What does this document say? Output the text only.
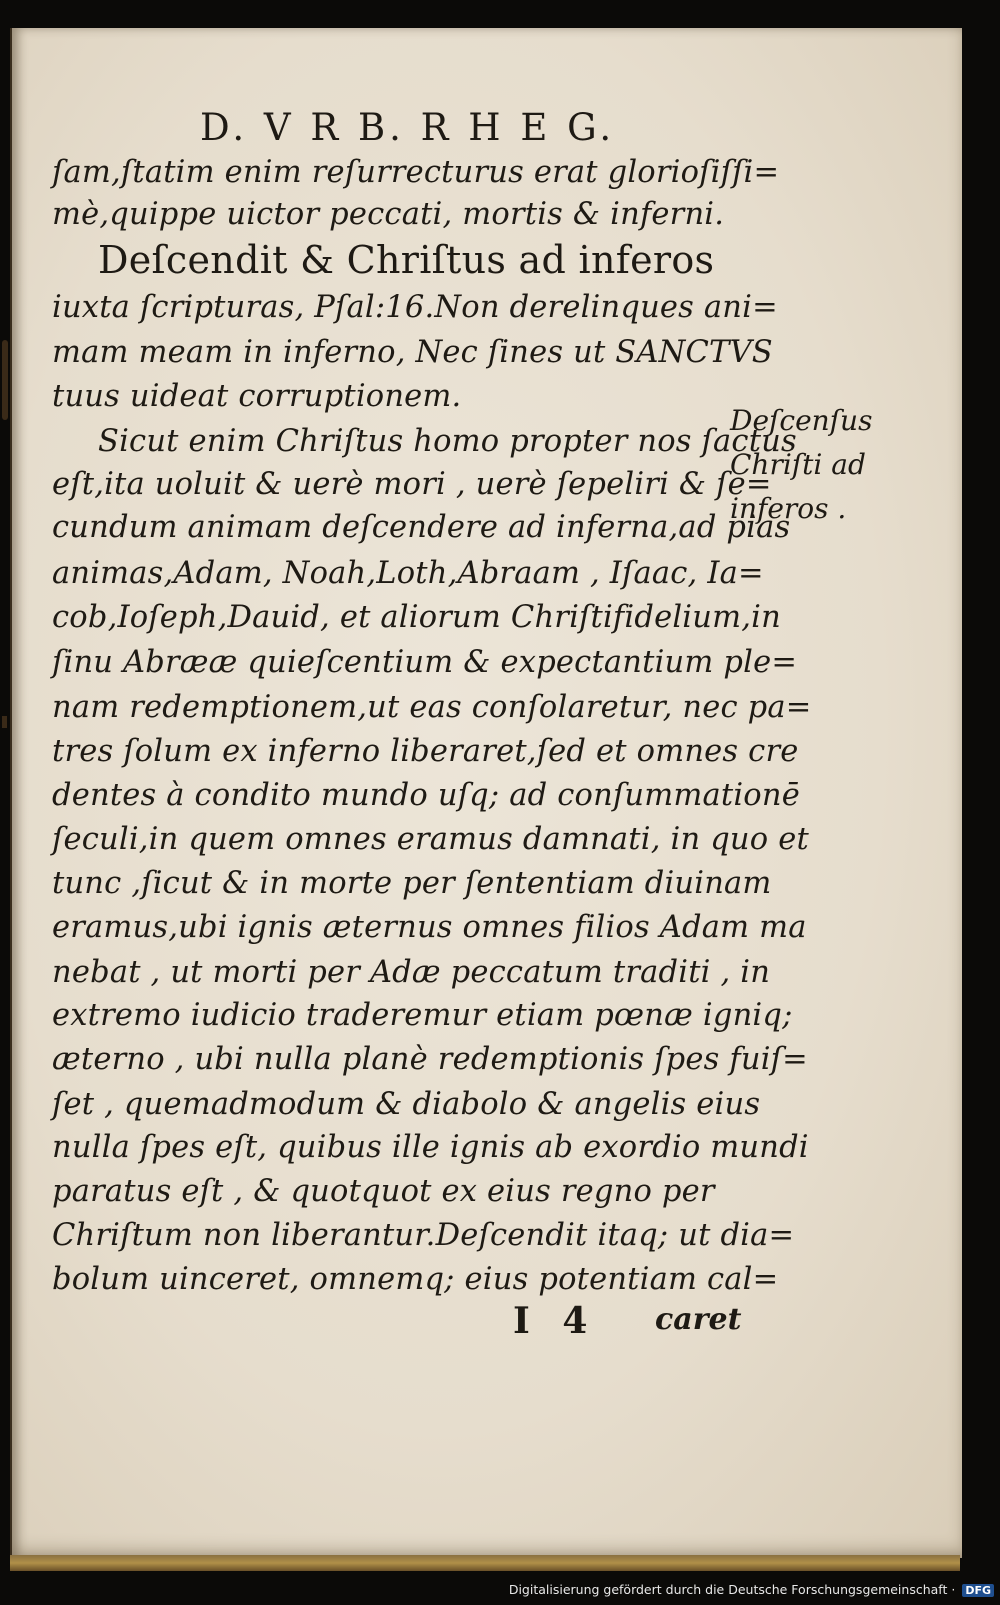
D. V R B. R H E G.
ſam,ſtatim enim reſurrecturus erat glorioſiſſi=
mè,quippe uictor peccati, mortis & inferni.
Deſcendit & Chriſtus ad inferos
iuxta ſcripturas, Pſal:16.Non derelinques ani=
mam meam in inferno, Nec ſines ut SANCTVS
tuus uideat corruptionem.
Sicut enim Chriſtus homo propter nos ſactus
eſt,ita uoluit & uerè mori , uerè ſepeliri & ſe=
cundum animam deſcendere ad inferna,ad pias
animas,Adam, Noah,Loth,Abraam , Iſaac, Ia=
cob,Ioſeph,Dauid, et aliorum Chriſtifidelium,in
ſinu Abrææ quieſcentium & expectantium ple=
nam redemptionem,ut eas conſolaretur, nec pa=
tres ſolum ex inferno liberaret,ſed et omnes cre
dentes à condito mundo uſq; ad conſummationē
ſeculi,in quem omnes eramus damnati, in quo et
tunc ,ſicut & in morte per ſententiam diuinam
eramus,ubi ignis æternus omnes filios Adam ma
nebat , ut morti per Adæ peccatum traditi , in
extremo iudicio traderemur etiam pœnæ igniq;
æterno , ubi nulla planè redemptionis ſpes fuiſ=
ſet , quemadmodum & diabolo & angelis eius
nulla ſpes eſt, quibus ille ignis ab exordio mundi
paratus eſt , & quotquot ex eius regno per
Chriſtum non liberantur.Deſcendit itaq; ut dia=
bolum uinceret, omnemq; eius potentiam cal=
Deſcenſus
Chriſti ad
inferos .
I 4 caret
Digitalisierung gefördert durch die Deutsche Forschungsgemeinschaft · DFG
